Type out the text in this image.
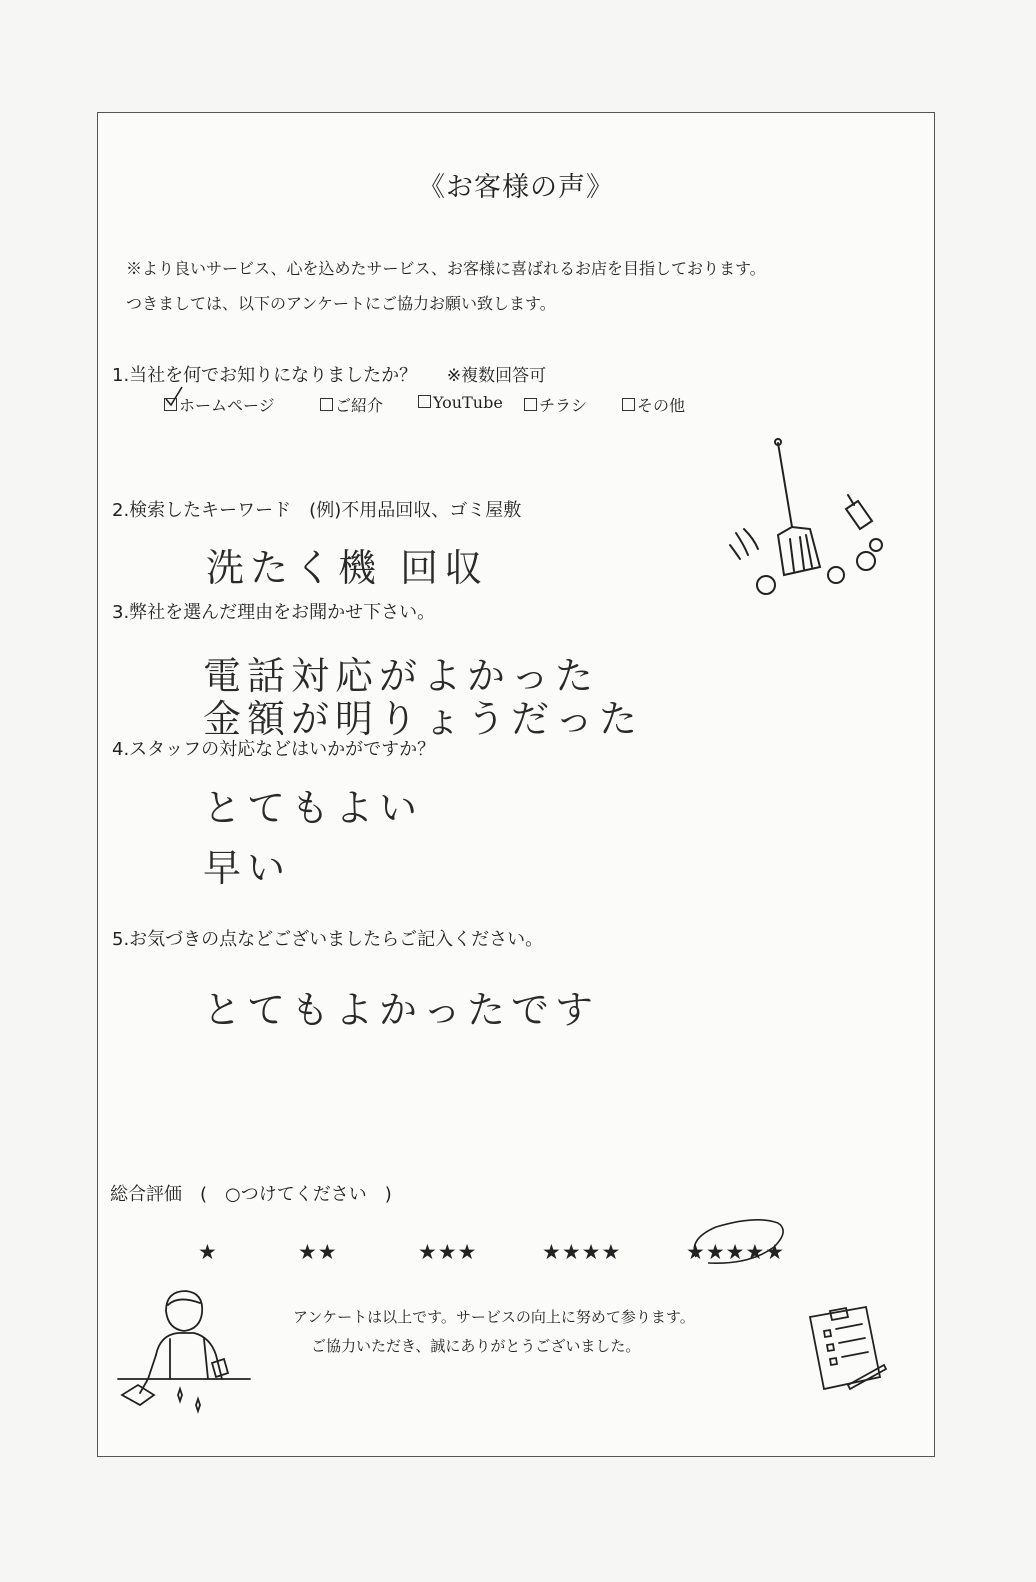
《お客様の声》
※より良いサービス、心を込めたサービス、お客様に喜ばれるお店を目指しております。
つきましては、以下のアンケートにご協力お願い致します。
1.当社を何でお知りになりましたか？ ※複数回答可
ホームページ	ご紹介	YouTube	チラシ	その他
2.検索したキーワード　(例)不用品回収、ゴミ屋敷
洗たく機 回収
3.弊社を選んだ理由をお聞かせ下さい。
電話対応がよかった
金額が明りょうだった
4.スタッフの対応などはいかがですか？
とてもよい
早い
5.お気づきの点などございましたらご記入ください。
とてもよかったです
総合評価　(　○つけてください　)
★	★★	★★★	★★★★	★★★★★
アンケートは以上です。サービスの向上に努めて参ります。
ご協力いただき、誠にありがとうございました。
